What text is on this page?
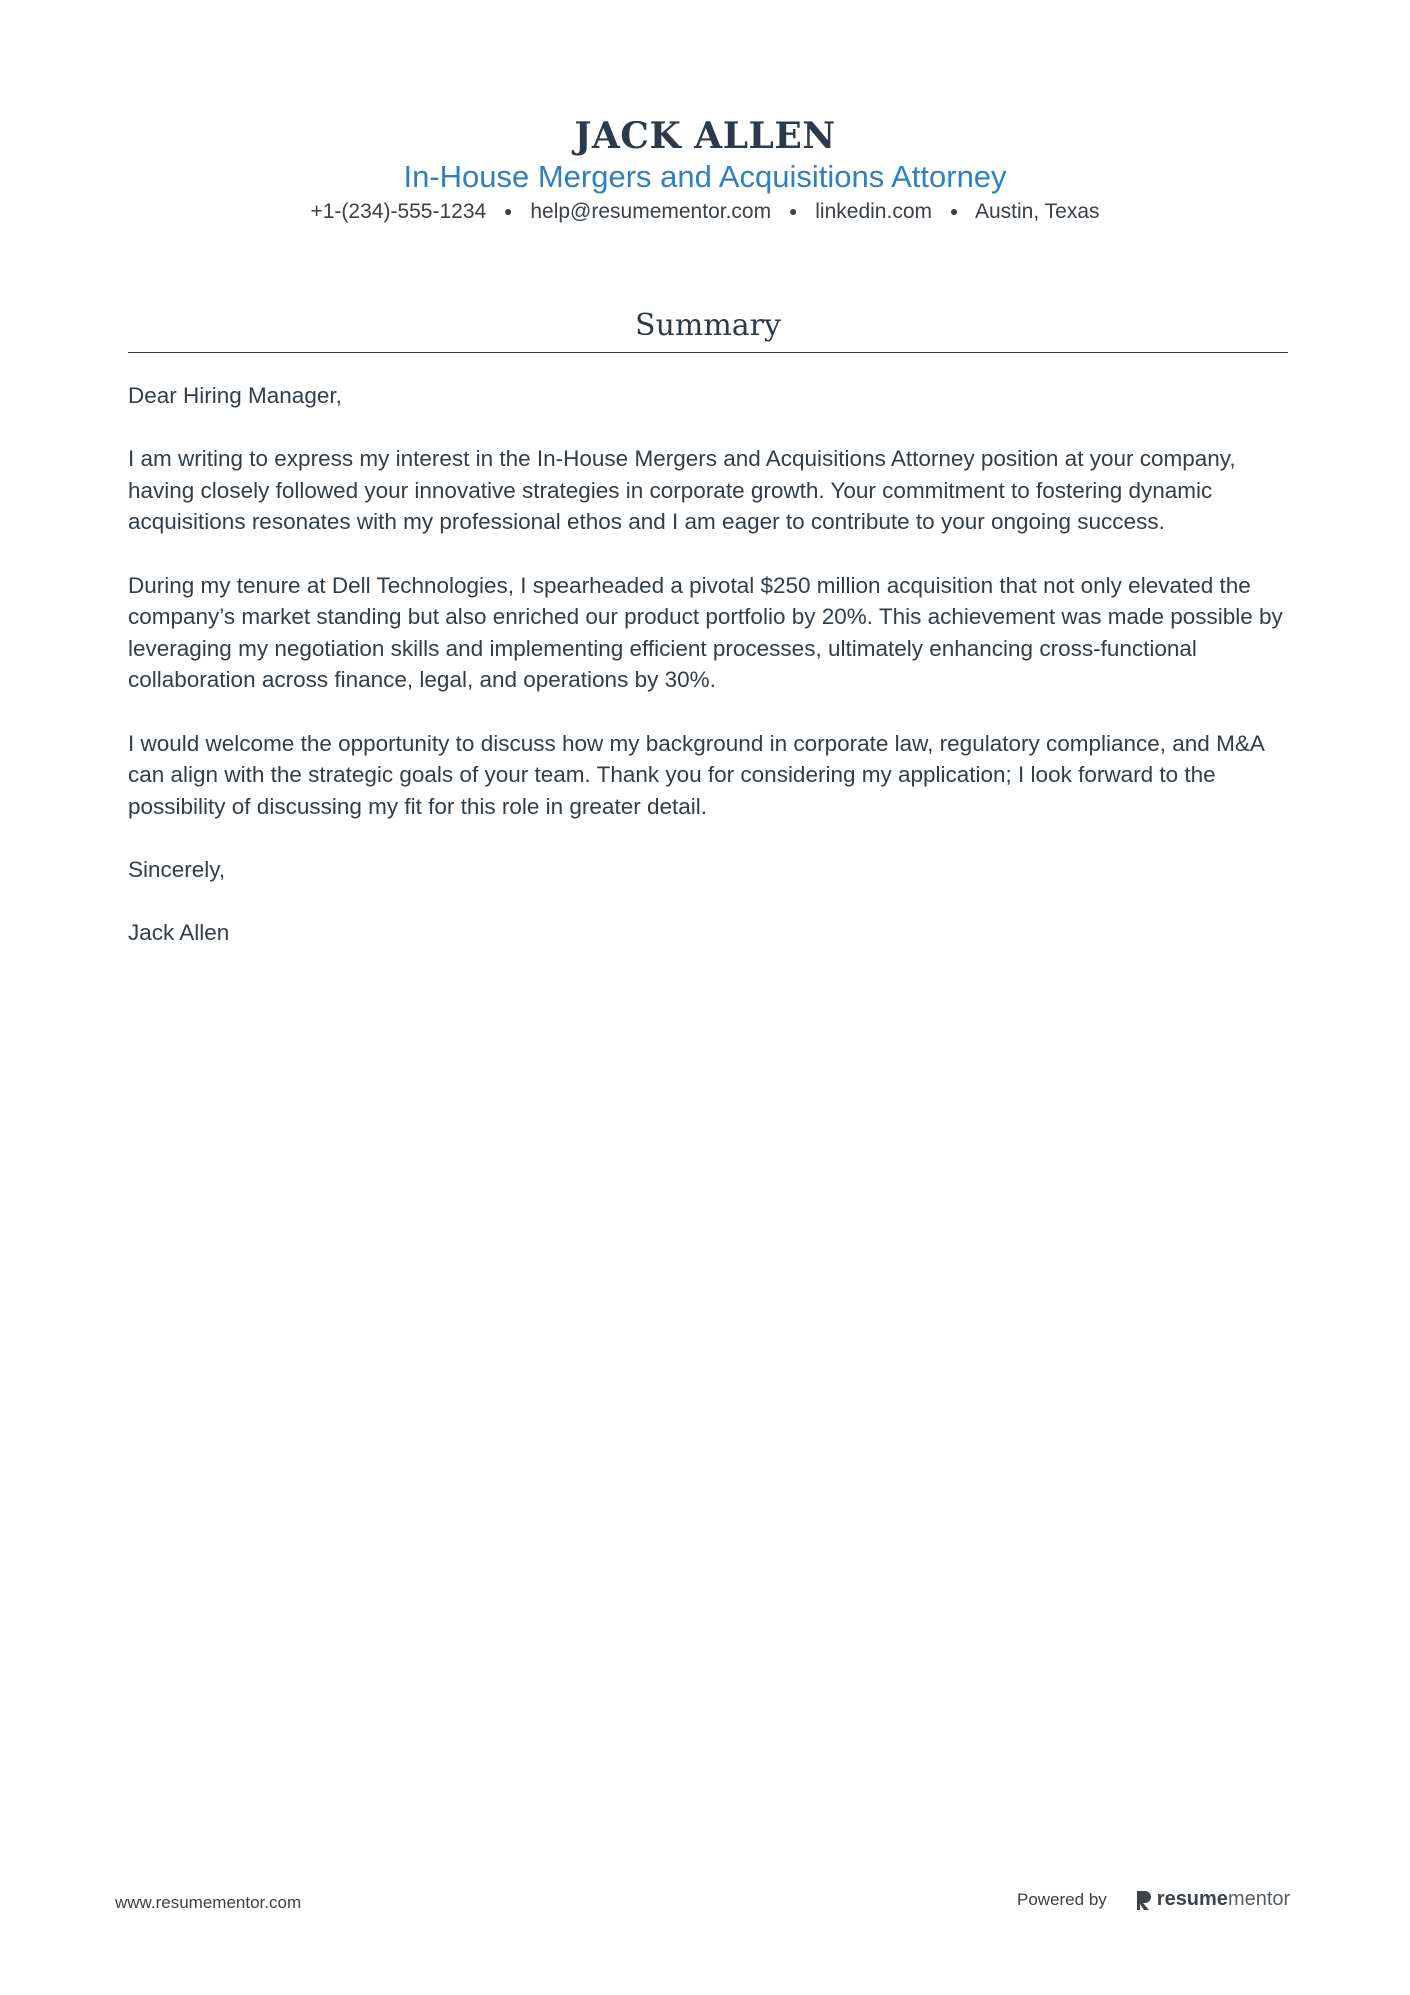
JACK ALLEN
In-House Mergers and Acquisitions Attorney
+1-(234)-555-1234 ● help@resumementor.com ● linkedin.com ● Austin, Texas
Summary

Dear Hiring Manager,

I am writing to express my interest in the In-House Mergers and Acquisitions Attorney position at your company, having closely followed your innovative strategies in corporate growth. Your commitment to fostering dynamic acquisitions resonates with my professional ethos and I am eager to contribute to your ongoing success.

During my tenure at Dell Technologies, I spearheaded a pivotal $250 million acquisition that not only elevated the company’s market standing but also enriched our product portfolio by 20%. This achievement was made possible by leveraging my negotiation skills and implementing efficient processes, ultimately enhancing cross-functional collaboration across finance, legal, and operations by 30%.

I would welcome the opportunity to discuss how my background in corporate law, regulatory compliance, and M&A can align with the strategic goals of your team. Thank you for considering my application; I look forward to the possibility of discussing my fit for this role in greater detail.

Sincerely,

Jack Allen

www.resumementor.com	Powered by	resume mentor
